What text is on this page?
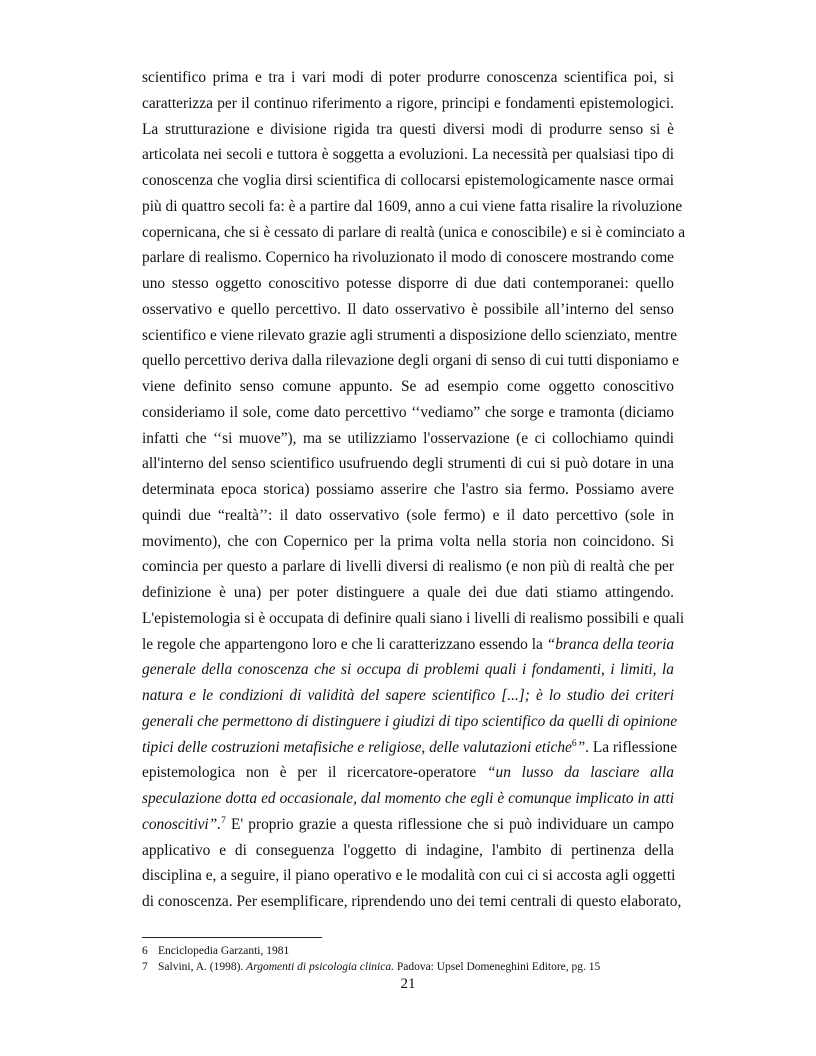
scientifico prima e tra i vari modi di poter produrre conoscenza scientifica poi, si
caratterizza per il continuo riferimento a rigore, principi e fondamenti epistemologici.
La strutturazione e divisione rigida tra questi diversi modi di produrre senso si è
articolata nei secoli e tuttora è soggetta a evoluzioni. La necessità per qualsiasi tipo di
conoscenza che voglia dirsi scientifica di collocarsi epistemologicamente nasce ormai
più di quattro secoli fa: è a partire dal 1609, anno a cui viene fatta risalire la rivoluzione
copernicana, che si è cessato di parlare di realtà (unica e conoscibile) e si è cominciato a
parlare di realismo. Copernico ha rivoluzionato il modo di conoscere mostrando come
uno stesso oggetto conoscitivo potesse disporre di due dati contemporanei: quello
osservativo e quello percettivo. Il dato osservativo è possibile all’interno del senso
scientifico e viene rilevato grazie agli strumenti a disposizione dello scienziato, mentre
quello percettivo deriva dalla rilevazione degli organi di senso di cui tutti disponiamo e
viene definito senso comune appunto. Se ad esempio come oggetto conoscitivo
consideriamo il sole, come dato percettivo ‘‘vediamo” che sorge e tramonta (diciamo
infatti che ‘‘si muove”), ma se utilizziamo l'osservazione (e ci collochiamo quindi
all'interno del senso scientifico usufruendo degli strumenti di cui si può dotare in una
determinata epoca storica) possiamo asserire che l'astro sia fermo. Possiamo avere
quindi due “realtà’’: il dato osservativo (sole fermo) e il dato percettivo (sole in
movimento), che con Copernico per la prima volta nella storia non coincidono. Si
comincia per questo a parlare di livelli diversi di realismo (e non più di realtà che per
definizione è una) per poter distinguere a quale dei due dati stiamo attingendo.
L'epistemologia si è occupata di definire quali siano i livelli di realismo possibili e quali
le regole che appartengono loro e che li caratterizzano essendo la “branca della teoria
generale della conoscenza che si occupa di problemi quali i fondamenti, i limiti, la
natura e le condizioni di validità del sapere scientifico [...]; è lo studio dei criteri
generali che permettono di distinguere i giudizi di tipo scientifico da quelli di opinione
tipici delle costruzioni metafisiche e religiose, delle valutazioni etiche$^6$”. La riflessione
epistemologica non è per il ricercatore-operatore “un lusso da lasciare alla
speculazione dotta ed occasionale, dal momento che egli è comunque implicato in atti
conoscitivi”.$^7$ E' proprio grazie a questa riflessione che si può individuare un campo
applicativo e di conseguenza l'oggetto di indagine, l'ambito di pertinenza della
disciplina e, a seguire, il piano operativo e le modalità con cui ci si accosta agli oggetti
di conoscenza. Per esemplificare, riprendendo uno dei temi centrali di questo elaborato,
6 Enciclopedia Garzanti, 1981
7 Salvini, A. (1998). Argomenti di psicologia clinica. Padova: Upsel Domeneghini Editore, pg. 15
21
